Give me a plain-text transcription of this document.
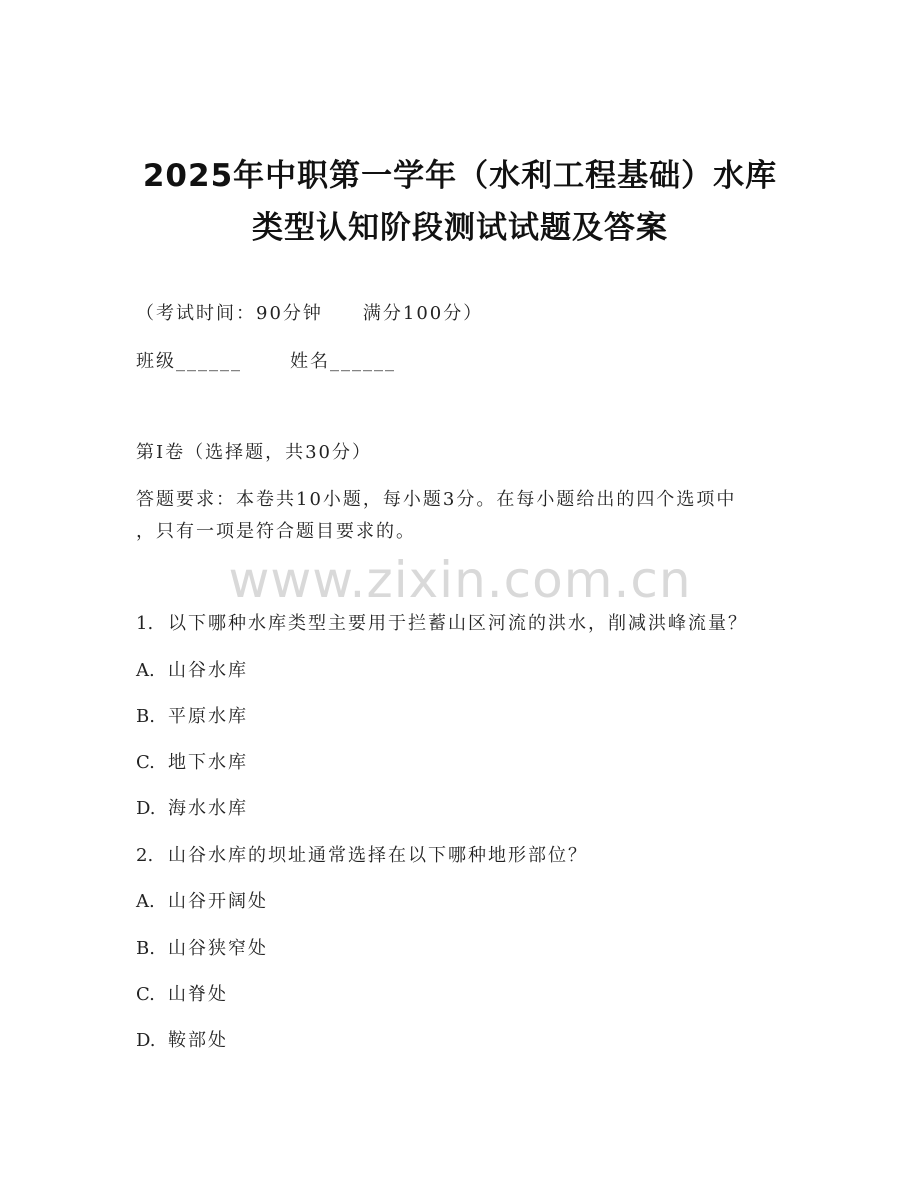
2025年中职第一学年（水利工程基础）水库
类型认知阶段测试试题及答案
（考试时间：90分钟 满分100分）
班级______	姓名______
第I卷（选择题，共30分）
答题要求：本卷共10小题，每小题3分。在每小题给出的四个选项中
，只有一项是符合题目要求的。
www.zixin.com.cn
1. 以下哪种水库类型主要用于拦蓄山区河流的洪水，削减洪峰流量？
A. 山谷水库
B. 平原水库
C. 地下水库
D. 海水水库
2. 山谷水库的坝址通常选择在以下哪种地形部位？
A. 山谷开阔处
B. 山谷狭窄处
C. 山脊处
D. 鞍部处
